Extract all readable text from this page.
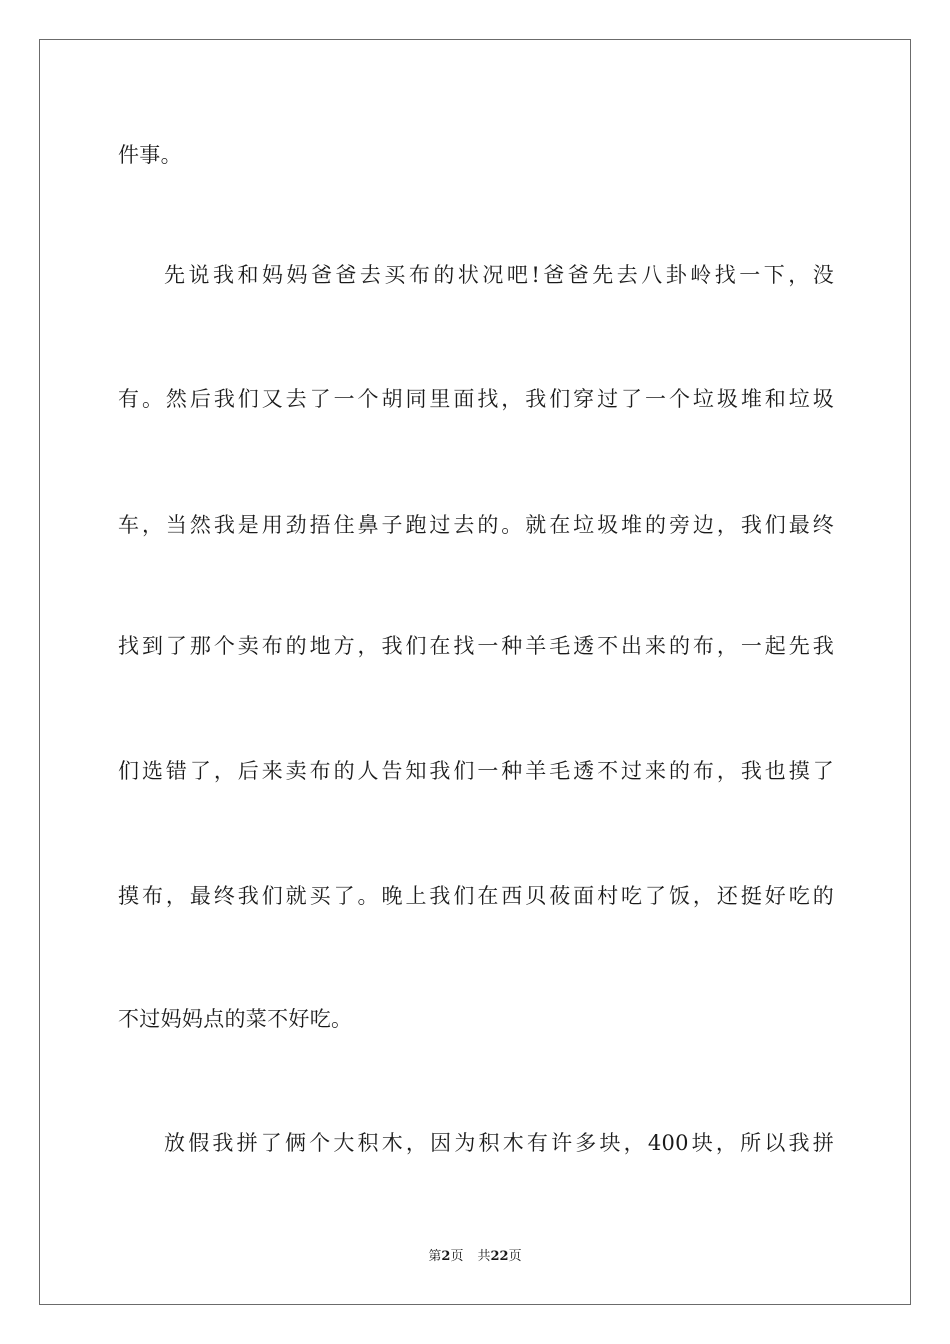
件事。
先说我和妈妈爸爸去买布的状况吧!爸爸先去八卦岭找一下，没
有。然后我们又去了一个胡同里面找，我们穿过了一个垃圾堆和垃圾
车，当然我是用劲捂住鼻子跑过去的。就在垃圾堆的旁边，我们最终
找到了那个卖布的地方，我们在找一种羊毛透不出来的布，一起先我
们选错了，后来卖布的人告知我们一种羊毛透不过来的布，我也摸了
摸布，最终我们就买了。晚上我们在西贝莜面村吃了饭，还挺好吃的
不过妈妈点的菜不好吃。
放假我拼了俩个大积木，因为积木有许多块，400块，所以我拼
第2页 共22页
